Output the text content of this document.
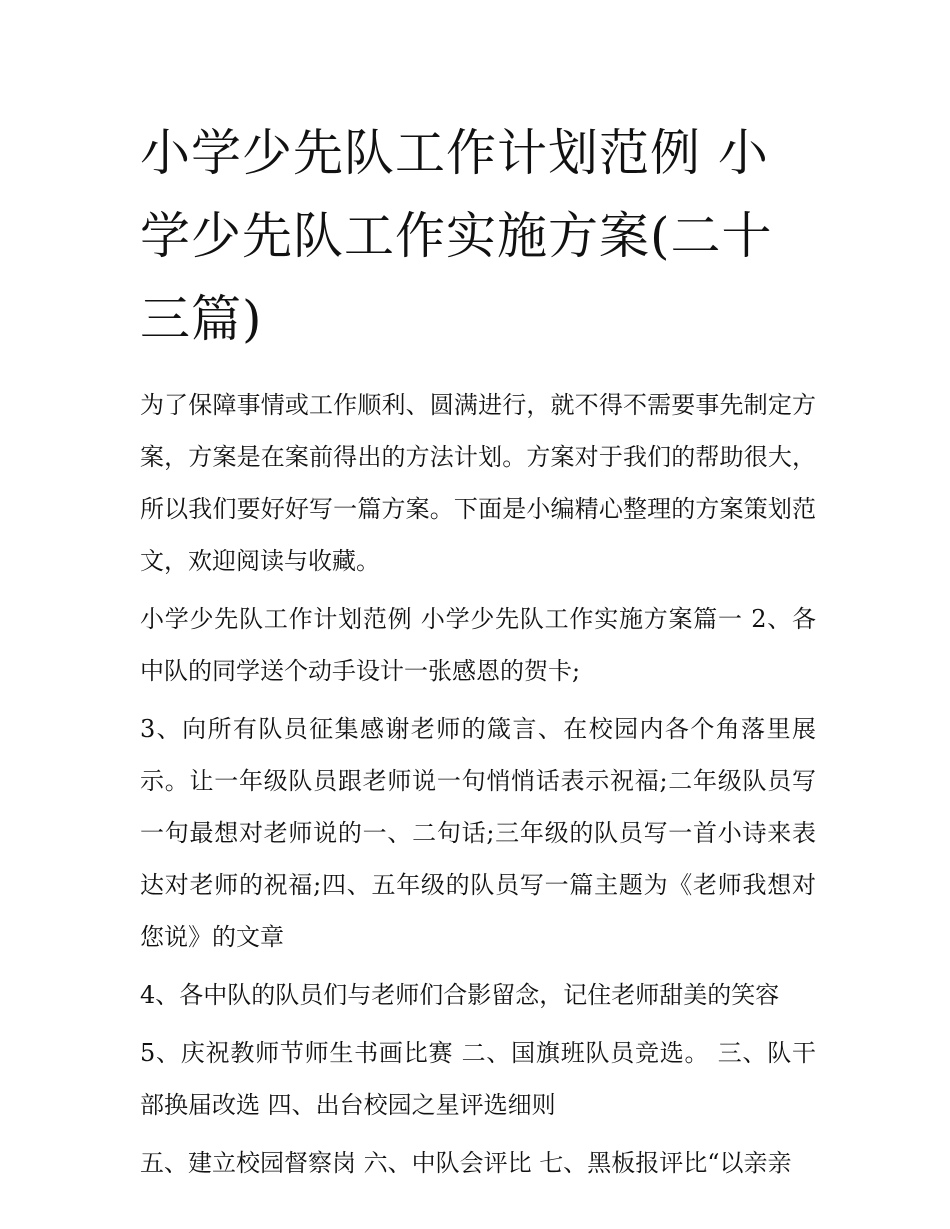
小学少先队工作计划范例 小学少先队工作实施方案(二十三篇)

为了保障事情或工作顺利、圆满进行，就不得不需要事先制定方案，方案是在案前得出的方法计划。方案对于我们的帮助很大，所以我们要好好写一篇方案。下面是小编精心整理的方案策划范文，欢迎阅读与收藏。

小学少先队工作计划范例 小学少先队工作实施方案篇一 2、各中队的同学送个动手设计一张感恩的贺卡;

3、向所有队员征集感谢老师的箴言、在校园内各个角落里展示。让一年级队员跟老师说一句悄悄话表示祝福;二年级队员写一句最想对老师说的一、二句话;三年级的队员写一首小诗来表达对老师的祝福;四、五年级的队员写一篇主题为《老师我想对您说》的文章

4、各中队的队员们与老师们合影留念，记住老师甜美的笑容

5、庆祝教师节师生书画比赛 二、国旗班队员竞选。 三、队干部换届改选 四、出台校园之星评选细则

五、建立校园督察岗 六、中队会评比 七、黑板报评比“以亲亲
